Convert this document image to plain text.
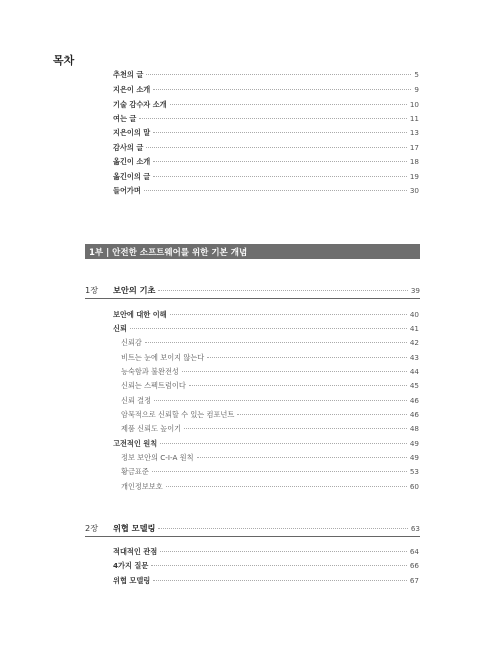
목차
추천의 글	5
지은이 소개	9
기술 감수자 소개	10
여는 글	11
지은이의 말	13
감사의 글	17
옮긴이 소개	18
옮긴이의 글	19
들어가며	30
1부 | 안전한 소프트웨어를 위한 기본 개념
1장	보안의 기초	39
보안에 대한 이해	40
신뢰	41
신뢰감	42
비트는 눈에 보이지 않는다	43
능숙함과 불완전성	44
신뢰는 스펙트럼이다	45
신뢰 결정	46
암묵적으로 신뢰할 수 있는 컴포넌트	46
제품 신뢰도 높이기	48
고전적인 원칙	49
정보 보안의 C-I-A 원칙	49
황금표준	53
개인정보보호	60
2장	위협 모델링	63
적대적인 관점	64
4가지 질문	66
위협 모델링	67
